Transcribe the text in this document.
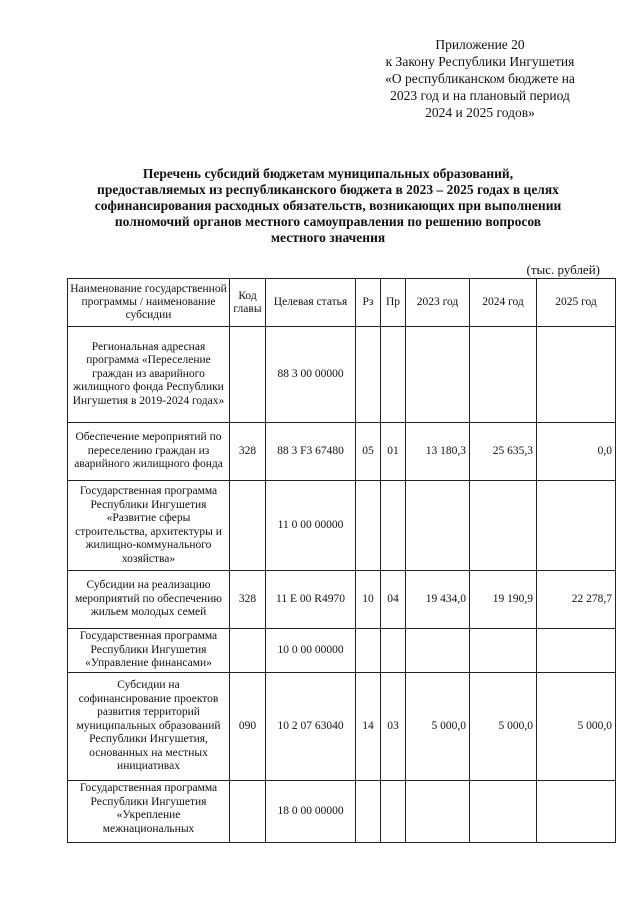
Приложение 20
к Закону Республики Ингушетия
«О республиканском бюджете на
2023 год и на плановый период
2024 и 2025 годов»
Перечень субсидий бюджетам муниципальных образований,
предоставляемых из республиканского бюджета в 2023 – 2025 годах в целях
софинансирования расходных обязательств, возникающих при выполнении
полномочий органов местного самоуправления по решению вопросов
местного значения
(тыс. рублей)
Наименование государственной программы / наименование субсидии	Код главы	Целевая статья	Рз	Пр	2023 год	2024 год	2025 год
Региональная адресная программа «Переселение граждан из аварийного жилищного фонда Республики Ингушетия в 2019-2024 годах»		88 3 00 00000					
Обеспечение мероприятий по переселению граждан из аварийного жилищного фонда	328	88 3 F3 67480	05	01	13 180,3	25 635,3	0,0
Государственная программа Республики Ингушетия «Развитие сферы строительства, архитектуры и жилищно-коммунального хозяйства»		11 0 00 00000					
Субсидии на реализацию мероприятий по обеспечению жильем молодых семей	328	11 E 00 R4970	10	04	19 434,0	19 190,9	22 278,7
Государственная программа Республики Ингушетия «Управление финансами»		10 0 00 00000					
Субсидии на софинансирование проектов развития территорий муниципальных образований Республики Ингушетия, основанных на местных инициативах	090	10 2 07 63040	14	03	5 000,0	5 000,0	5 000,0
Государственная программа Республики Ингушетия «Укрепление межнациональных		18 0 00 00000					
